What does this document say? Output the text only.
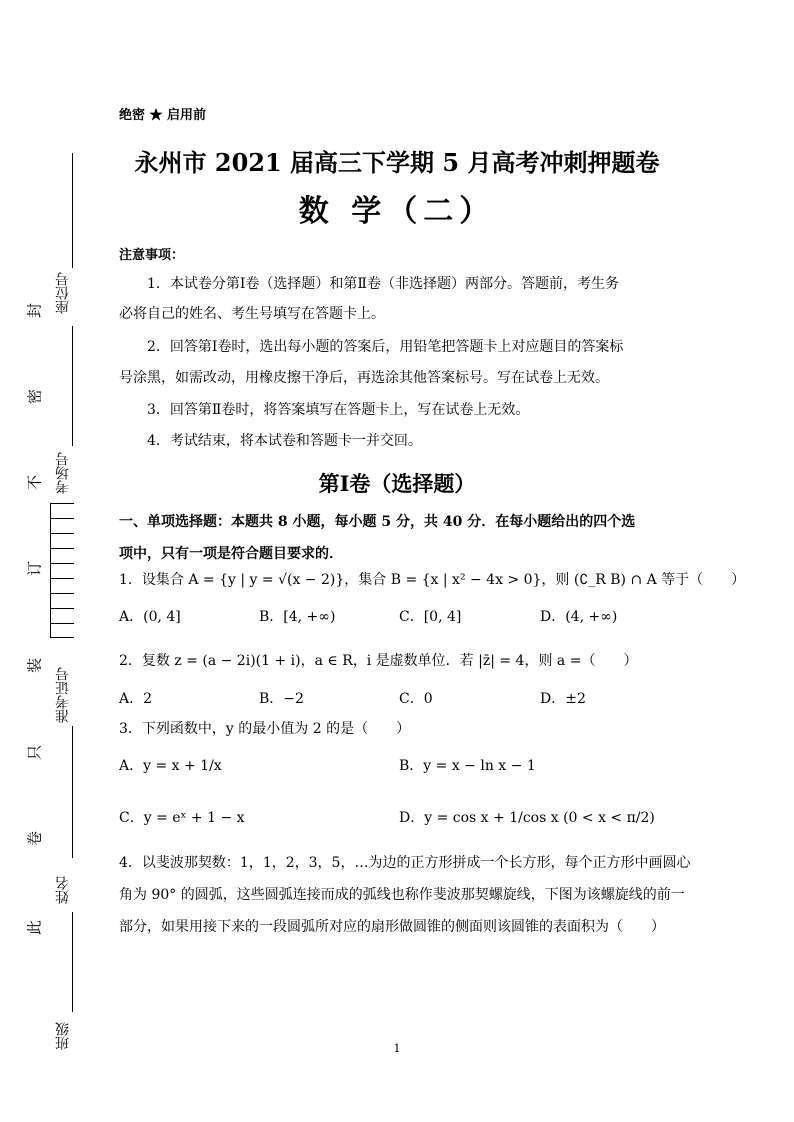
座位号
考场号
准考证号
姓名
班级
封
密
不
订
装
只
卷
此
绝密 ★ 启用前
永州市 2021 届高三下学期 5 月高考冲刺押题卷
数 学（二）
注意事项：
1．本试卷分第Ⅰ卷（选择题）和第Ⅱ卷（非选择题）两部分。答题前，考生务
必将自己的姓名、考生号填写在答题卡上。
2．回答第Ⅰ卷时，选出每小题的答案后，用铅笔把答题卡上对应题目的答案标
号涂黑，如需改动，用橡皮擦干净后，再选涂其他答案标号。写在试卷上无效。
3．回答第Ⅱ卷时，将答案填写在答题卡上，写在试卷上无效。
4．考试结束，将本试卷和答题卡一并交回。
第Ⅰ卷（选择题）
一、单项选择题：本题共 8 小题，每小题 5 分，共 40 分．在每小题给出的四个选
项中，只有一项是符合题目要求的．
1．设集合 A = {y | y = √(x − 2)}，集合 B = {x | x² − 4x > 0}，则 (∁_R B) ∩ A 等于（　　）
A．(0, 4]	B．[4, +∞)	C．[0, 4]	D．(4, +∞)
2．复数 z = (a − 2i)(1 + i)，a ∈ R，i 是虚数单位．若 |z̄| = 4，则 a =（　　）
A．2	B．−2	C．0	D．±2
3．下列函数中，y 的最小值为 2 的是（　　）
A．y = x + 1/x	B．y = x − ln x − 1
C．y = eˣ + 1 − x	D．y = cos x + 1/cos x (0 < x < π/2)
4．以斐波那契数：1，1，2，3，5，…为边的正方形拼成一个长方形，每个正方形中画圆心
角为 90° 的圆弧，这些圆弧连接而成的弧线也称作斐波那契螺旋线，下图为该螺旋线的前一
部分，如果用接下来的一段圆弧所对应的扇形做圆锥的侧面则该圆锥的表面积为（　　）
1
